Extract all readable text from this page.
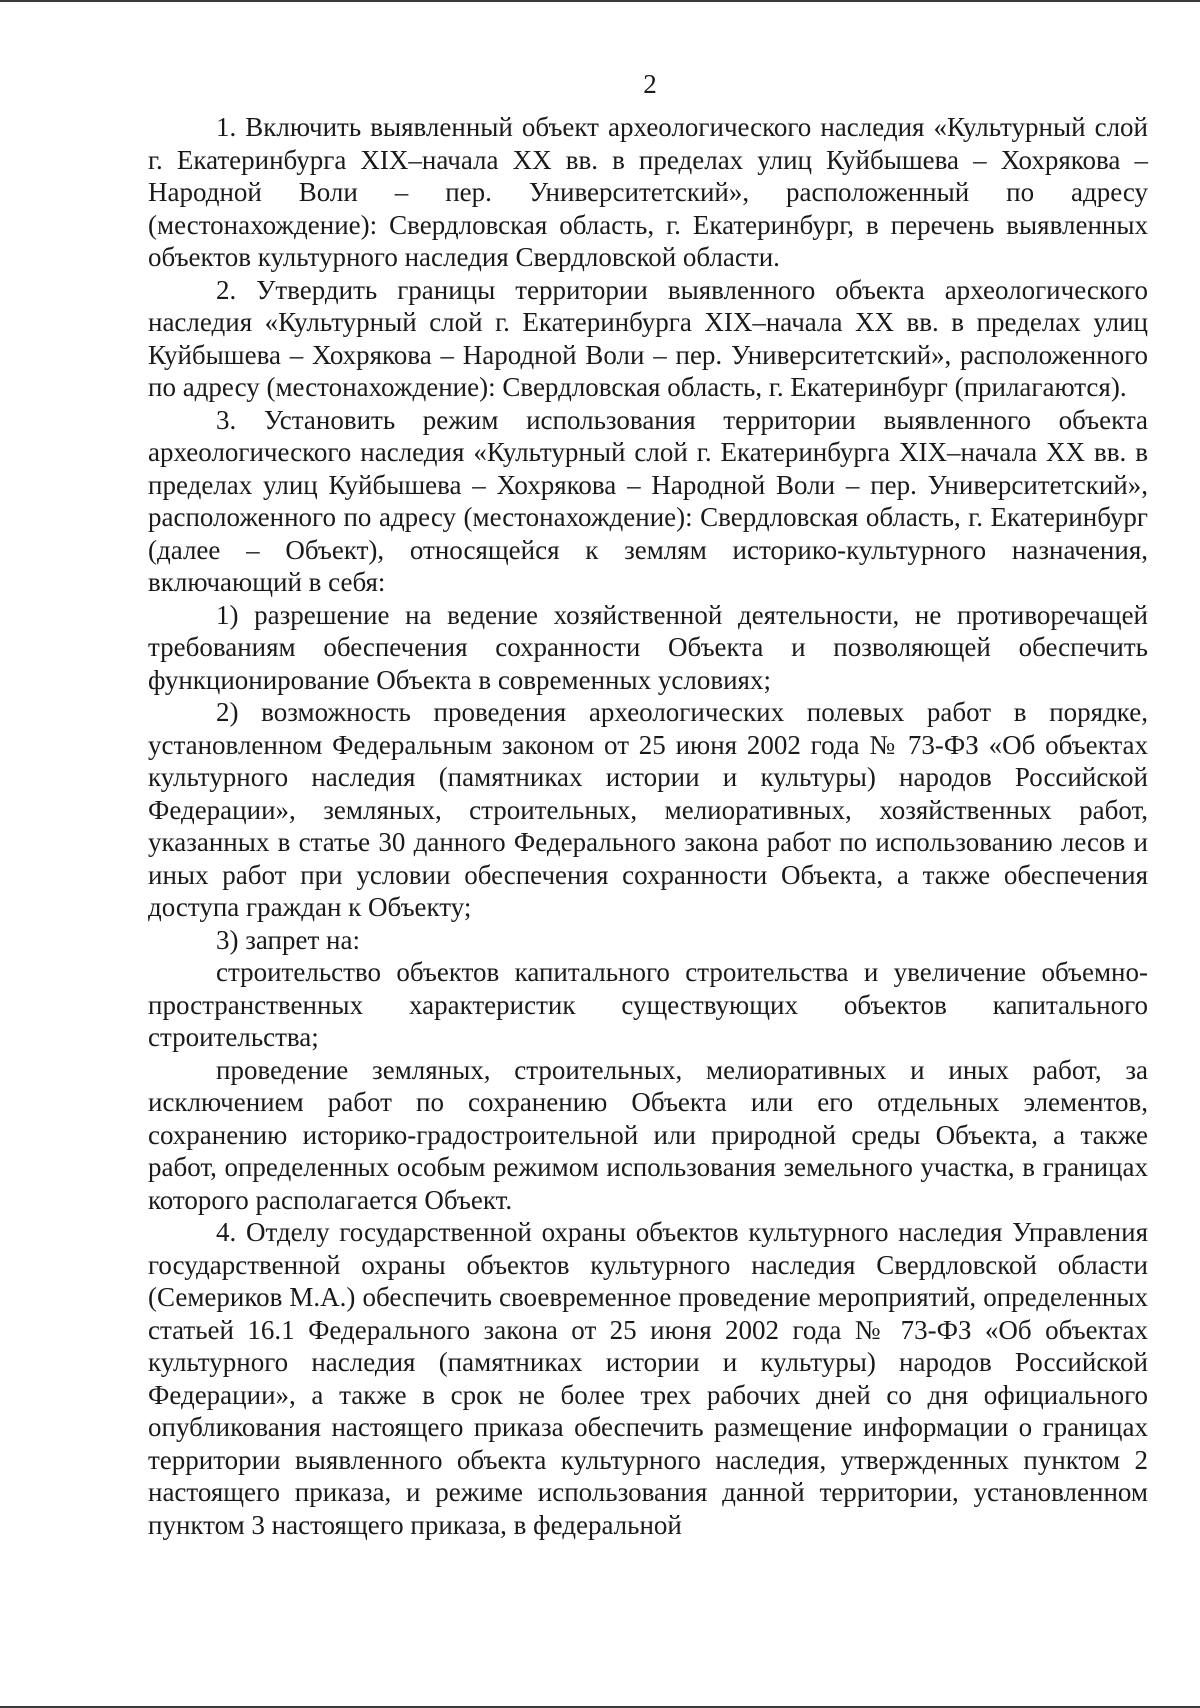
2

1. Включить выявленный объект археологического наследия «Культурный слой г. Екатеринбурга XIX–начала XX вв. в пределах улиц Куйбышева – Хохрякова – Народной Воли – пер. Университетский», расположенный по адресу (местонахождение): Свердловская область, г. Екатеринбург, в перечень выявленных объектов культурного наследия Свердловской области.

2. Утвердить границы территории выявленного объекта археологического наследия «Культурный слой г. Екатеринбурга XIX–начала XX вв. в пределах улиц Куйбышева – Хохрякова – Народной Воли – пер. Университетский», расположенного по адресу (местонахождение): Свердловская область, г. Екатеринбург (прилагаются).

3. Установить режим использования территории выявленного объекта археологического наследия «Культурный слой г. Екатеринбурга XIX–начала XX вв. в пределах улиц Куйбышева – Хохрякова – Народной Воли – пер. Университетский», расположенного по адресу (местонахождение): Свердловская область, г. Екатеринбург (далее – Объект), относящейся к землям историко-культурного назначения, включающий в себя:

1) разрешение на ведение хозяйственной деятельности, не противоречащей требованиям обеспечения сохранности Объекта и позволяющей обеспечить функционирование Объекта в современных условиях;

2) возможность проведения археологических полевых работ в порядке, установленном Федеральным законом от 25 июня 2002 года № 73-ФЗ «Об объектах культурного наследия (памятниках истории и культуры) народов Российской Федерации», земляных, строительных, мелиоративных, хозяйственных работ, указанных в статье 30 данного Федерального закона работ по использованию лесов и иных работ при условии обеспечения сохранности Объекта, а также обеспечения доступа граждан к Объекту;

3) запрет на:

строительство объектов капитального строительства и увеличение объемно-пространственных характеристик существующих объектов капитального строительства;

проведение земляных, строительных, мелиоративных и иных работ, за исключением работ по сохранению Объекта или его отдельных элементов, сохранению историко-градостроительной или природной среды Объекта, а также работ, определенных особым режимом использования земельного участка, в границах которого располагается Объект.

4. Отделу государственной охраны объектов культурного наследия Управления государственной охраны объектов культурного наследия Свердловской области (Семериков М.А.) обеспечить своевременное проведение мероприятий, определенных статьей 16.1 Федерального закона от 25 июня 2002 года № 73-ФЗ «Об объектах культурного наследия (памятниках истории и культуры) народов Российской Федерации», а также в срок не более трех рабочих дней со дня официального опубликования настоящего приказа обеспечить размещение информации о границах территории выявленного объекта культурного наследия, утвержденных пунктом 2 настоящего приказа, и режиме использования данной территории, установленном пунктом 3 настоящего приказа, в федеральной
